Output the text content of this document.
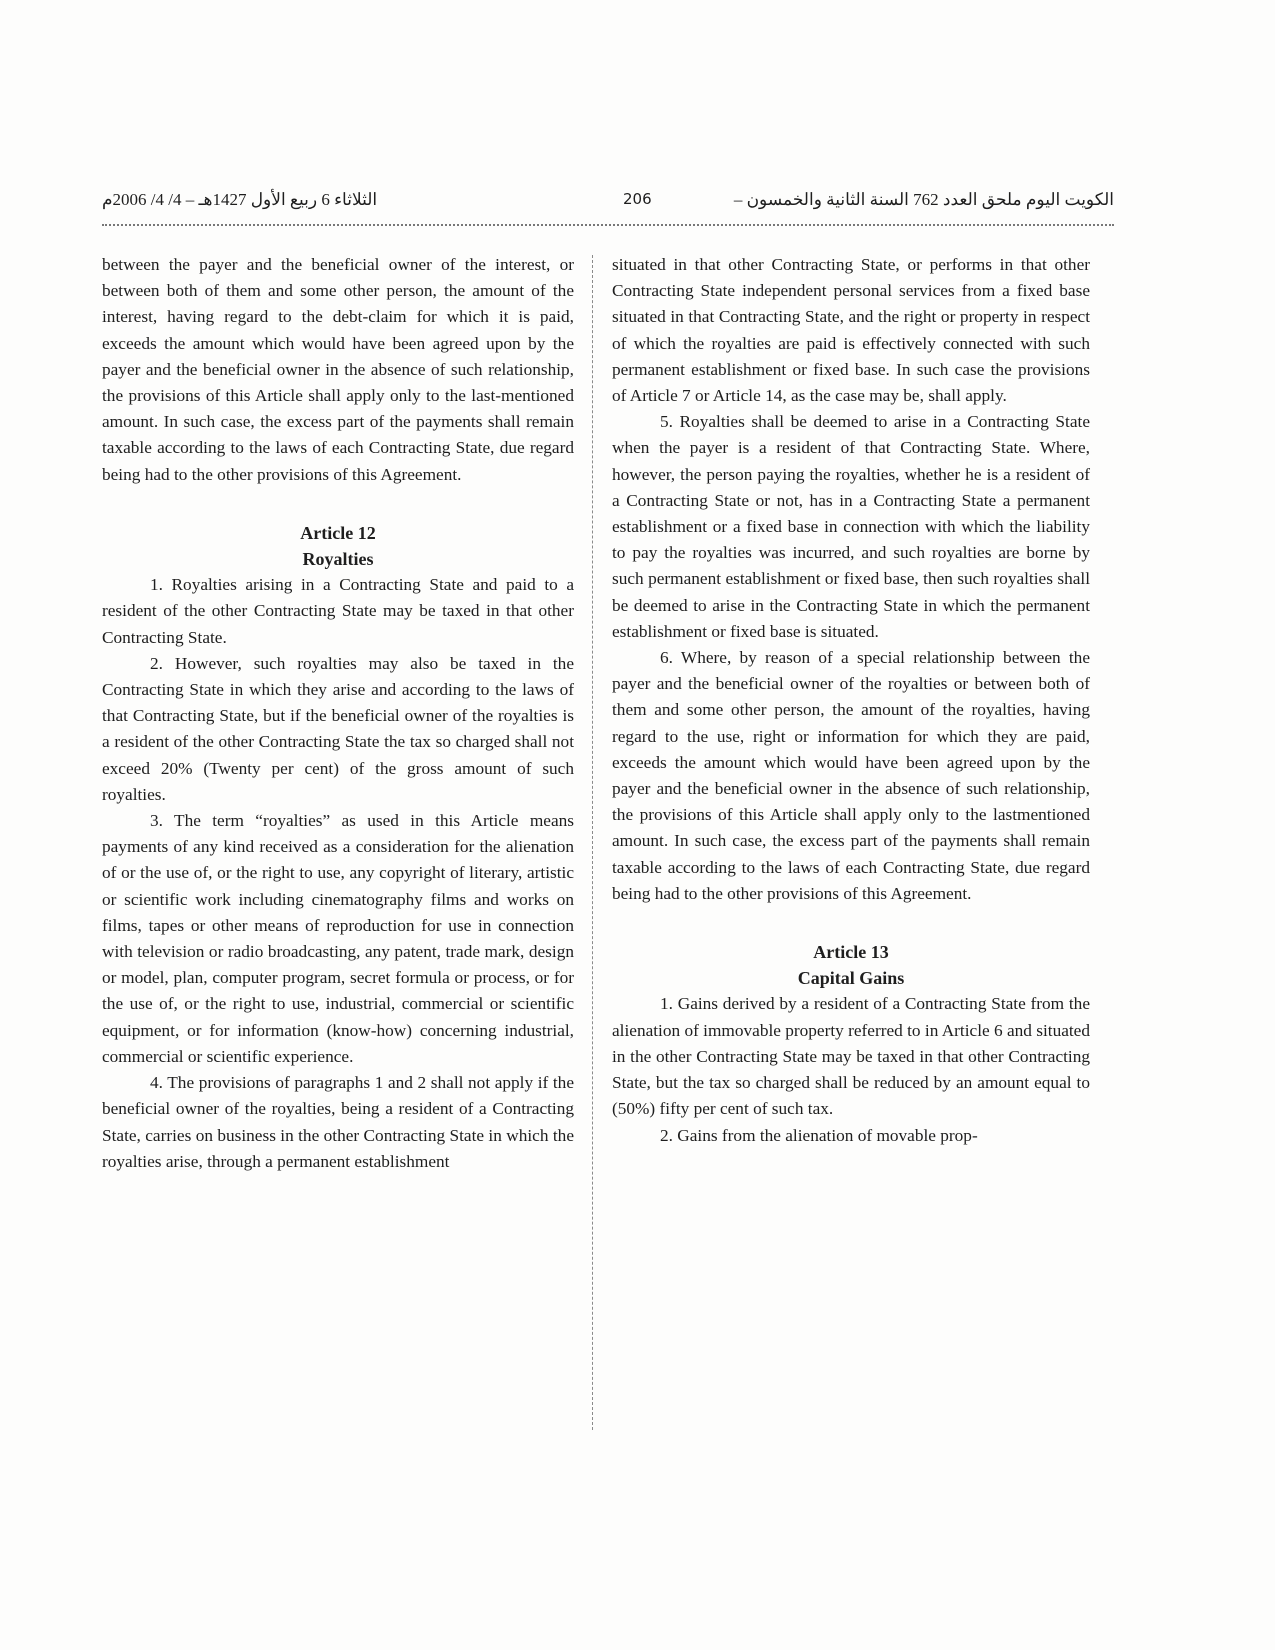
الثلاثاء 6 ربيع الأول 1427هـ – 4/ 4/ 2006م	206	الكويت اليوم ملحق العدد 762 السنة الثانية والخمسون –

between the payer and the beneficial owner of the interest, or between both of them and some other person, the amount of the interest, having regard to the debt-claim for which it is paid, exceeds the amount which would have been agreed upon by the payer and the beneficial owner in the absence of such relationship, the provisions of this Article shall apply only to the last-mentioned amount. In such case, the excess part of the payments shall remain taxable according to the laws of each Contracting State, due regard being had to the other provisions of this Agreement.

Article 12

Royalties

1. Royalties arising in a Contracting State and paid to a resident of the other Contracting State may be taxed in that other Contracting State.

2. However, such royalties may also be taxed in the Contracting State in which they arise and according to the laws of that Contracting State, but if the beneficial owner of the royalties is a resident of the other Contracting State the tax so charged shall not exceed 20% (Twenty per cent) of the gross amount of such royalties.

3. The term “royalties” as used in this Article means payments of any kind received as a consideration for the alienation of or the use of, or the right to use, any copyright of literary, artistic or scientific work including cinematography films and works on films, tapes or other means of reproduction for use in connection with television or radio broadcasting, any patent, trade mark, design or model, plan, computer program, secret formula or process, or for the use of, or the right to use, industrial, commercial or scientific equipment, or for information (know-how) concerning industrial, commercial or scientific experience.

4. The provisions of paragraphs 1 and 2 shall not apply if the beneficial owner of the royalties, being a resident of a Contracting State, carries on business in the other Contracting State in which the royalties arise, through a permanent establishment

situated in that other Contracting State, or performs in that other Contracting State independent personal services from a fixed base situated in that Contracting State, and the right or property in respect of which the royalties are paid is effectively connected with such permanent establishment or fixed base. In such case the provisions of Article 7 or Article 14, as the case may be, shall apply.

5. Royalties shall be deemed to arise in a Contracting State when the payer is a resident of that Contracting State. Where, however, the person paying the royalties, whether he is a resident of a Contracting State or not, has in a Contracting State a permanent establishment or a fixed base in connection with which the liability to pay the royalties was incurred, and such royalties are borne by such permanent establishment or fixed base, then such royalties shall be deemed to arise in the Contracting State in which the permanent establishment or fixed base is situated.

6. Where, by reason of a special relationship between the payer and the beneficial owner of the royalties or between both of them and some other person, the amount of the royalties, having regard to the use, right or information for which they are paid, exceeds the amount which would have been agreed upon by the payer and the beneficial owner in the absence of such relationship, the provisions of this Article shall apply only to the lastmentioned amount. In such case, the excess part of the payments shall remain taxable according to the laws of each Contracting State, due regard being had to the other provisions of this Agreement.

Article 13

Capital Gains

1. Gains derived by a resident of a Contracting State from the alienation of immovable property referred to in Article 6 and situated in the other Contracting State may be taxed in that other Contracting State, but the tax so charged shall be reduced by an amount equal to (50%) fifty per cent of such tax.

2. Gains from the alienation of movable prop-
